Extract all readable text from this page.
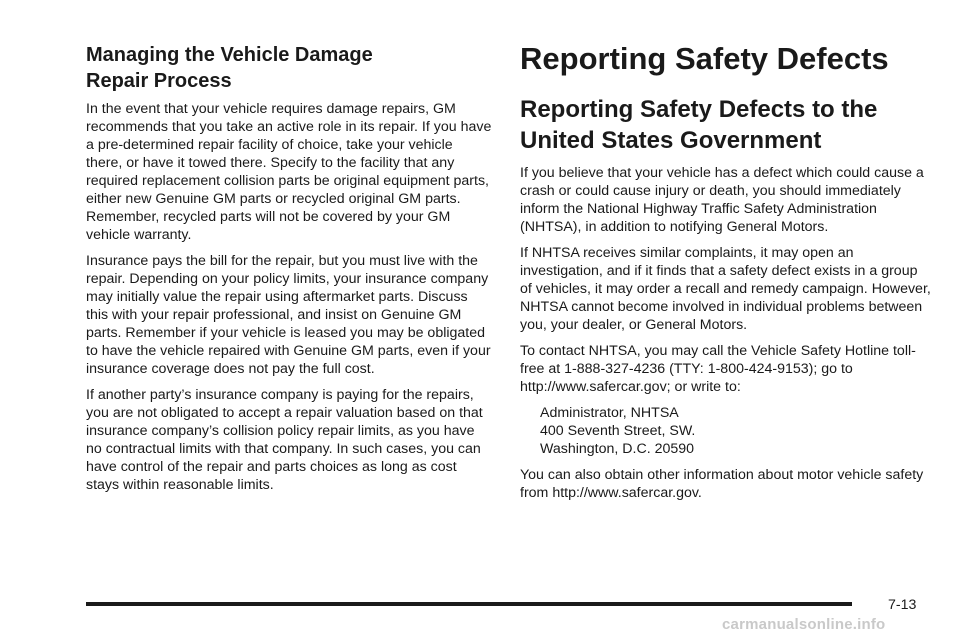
Managing the Vehicle Damage
Repair Process

In the event that your vehicle requires damage repairs, GM recommends that you take an active role in its repair. If you have a pre-determined repair facility of choice, take your vehicle there, or have it towed there. Specify to the facility that any required replacement collision parts be original equipment parts, either new Genuine GM parts or recycled original GM parts. Remember, recycled parts will not be covered by your GM vehicle warranty.

Insurance pays the bill for the repair, but you must live with the repair. Depending on your policy limits, your insurance company may initially value the repair using aftermarket parts. Discuss this with your repair professional, and insist on Genuine GM parts. Remember if your vehicle is leased you may be obligated to have the vehicle repaired with Genuine GM parts, even if your insurance coverage does not pay the full cost.

If another party’s insurance company is paying for the repairs, you are not obligated to accept a repair valuation based on that insurance company’s collision policy repair limits, as you have no contractual limits with that company. In such cases, you can have control of the repair and parts choices as long as cost stays within reasonable limits.

Reporting Safety Defects
Reporting Safety Defects to the
United States Government

If you believe that your vehicle has a defect which could cause a crash or could cause injury or death, you should immediately inform the National Highway Traffic Safety Administration (NHTSA), in addition to notifying General Motors.

If NHTSA receives similar complaints, it may open an investigation, and if it finds that a safety defect exists in a group of vehicles, it may order a recall and remedy campaign. However, NHTSA cannot become involved in individual problems between you, your dealer, or General Motors.

To contact NHTSA, you may call the Vehicle Safety Hotline toll-free at 1-888-327-4236 (TTY: 1-800-424-9153); go to http://www.safercar.gov; or write to:

Administrator, NHTSA
400 Seventh Street, SW.
Washington, D.C. 20590

You can also obtain other information about motor vehicle safety from http://www.safercar.gov.

7-13
carmanualsonline.info
